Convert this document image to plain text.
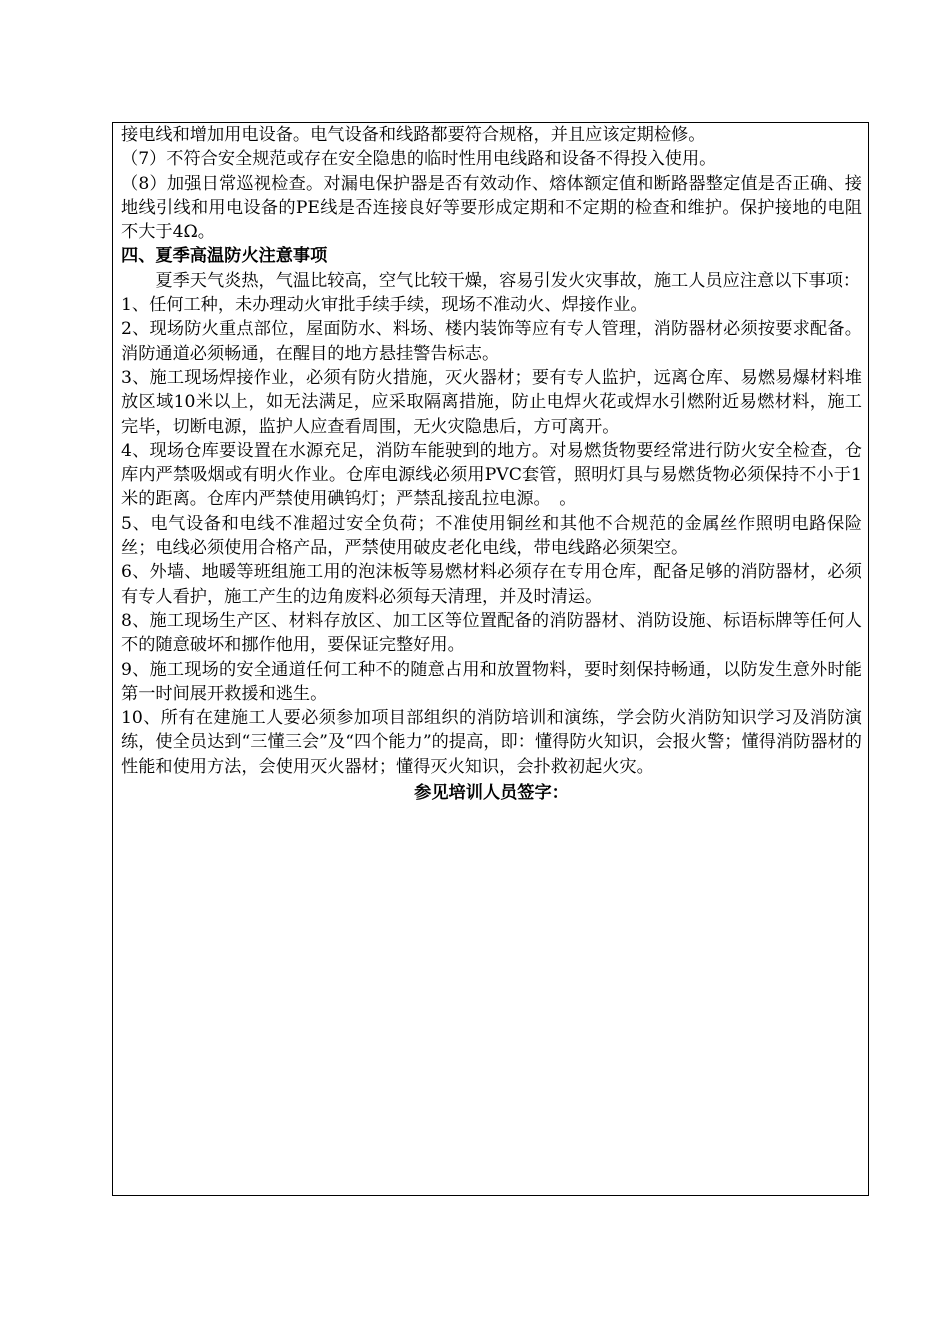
接电线和增加用电设备。电气设备和线路都要符合规格，并且应该定期检修。

（7）不符合安全规范或存在安全隐患的临时性用电线路和设备不得投入使用。

（8）加强日常巡视检查。对漏电保护器是否有效动作、熔体额定值和断路器整定值是否正确、接地线引线和用电设备的PE线是否连接良好等要形成定期和不定期的检查和维护。保护接地的电阻不大于4Ω。

四、夏季高温防火注意事项

夏季天气炎热，气温比较高，空气比较干燥，容易引发火灾事故，施工人员应注意以下事项：

1、任何工种，未办理动火审批手续手续，现场不准动火、焊接作业。

2、现场防火重点部位，屋面防水、料场、楼内装饰等应有专人管理，消防器材必须按要求配备。消防通道必须畅通，在醒目的地方悬挂警告标志。

3、施工现场焊接作业，必须有防火措施，灭火器材；要有专人监护，远离仓库、易燃易爆材料堆放区域10米以上，如无法满足，应采取隔离措施，防止电焊火花或焊水引燃附近易燃材料，施工完毕，切断电源，监护人应查看周围，无火灾隐患后，方可离开。

4、现场仓库要设置在水源充足，消防车能驶到的地方。对易燃货物要经常进行防火安全检查，仓库内严禁吸烟或有明火作业。仓库电源线必须用PVC套管，照明灯具与易燃货物必须保持不小于1米的距离。仓库内严禁使用碘钨灯；严禁乱接乱拉电源。　。

5、电气设备和电线不准超过安全负荷；不准使用铜丝和其他不合规范的金属丝作照明电路保险丝；电线必须使用合格产品，严禁使用破皮老化电线，带电线路必须架空。

6、外墙、地暖等班组施工用的泡沫板等易燃材料必须存在专用仓库，配备足够的消防器材，必须有专人看护，施工产生的边角废料必须每天清理，并及时清运。

8、施工现场生产区、材料存放区、加工区等位置配备的消防器材、消防设施、标语标牌等任何人不的随意破坏和挪作他用，要保证完整好用。

9、施工现场的安全通道任何工种不的随意占用和放置物料，要时刻保持畅通，以防发生意外时能第一时间展开救援和逃生。

10、所有在建施工人要必须参加项目部组织的消防培训和演练，学会防火消防知识学习及消防演练，使全员达到“三懂三会”及“四个能力”的提高，即：懂得防火知识，会报火警；懂得消防器材的性能和使用方法，会使用灭火器材；懂得灭火知识，会扑救初起火灾。

参见培训人员签字：
